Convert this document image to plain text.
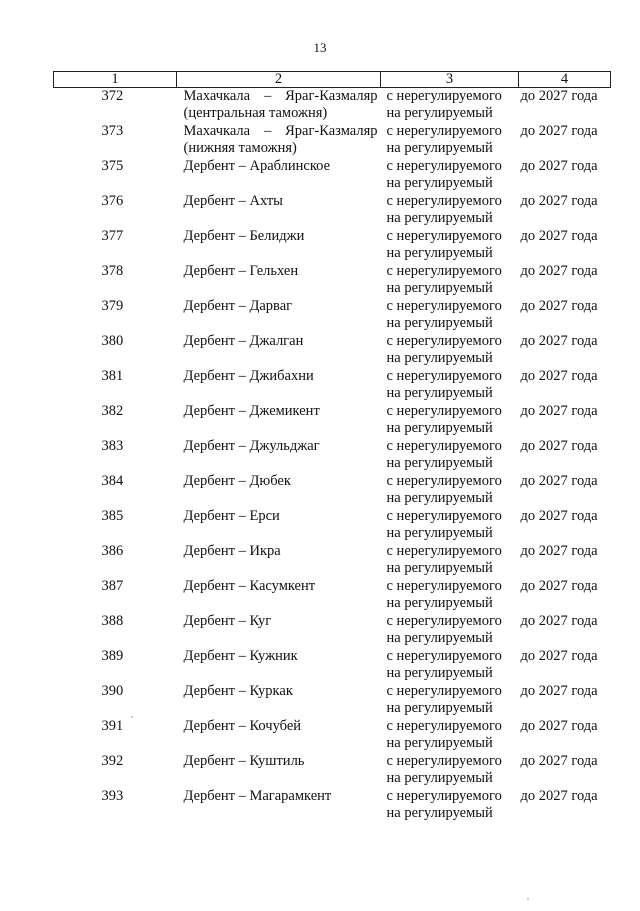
13
1	2	3	4
372	Махачкала – Яраг-Казмаляр
(центральная таможня)	с нерегулируемого
на регулируемый	до 2027 года
373	Махачкала – Яраг-Казмаляр
(нижняя таможня)	с нерегулируемого
на регулируемый	до 2027 года
375	Дербент – Араблинское	с нерегулируемого
на регулируемый	до 2027 года
376	Дербент – Ахты	с нерегулируемого
на регулируемый	до 2027 года
377	Дербент – Белиджи	с нерегулируемого
на регулируемый	до 2027 года
378	Дербент – Гельхен	с нерегулируемого
на регулируемый	до 2027 года
379	Дербент – Дарваг	с нерегулируемого
на регулируемый	до 2027 года
380	Дербент – Джалган	с нерегулируемого
на регулируемый	до 2027 года
381	Дербент – Джибахни	с нерегулируемого
на регулируемый	до 2027 года
382	Дербент – Джемикент	с нерегулируемого
на регулируемый	до 2027 года
383	Дербент – Джульджаг	с нерегулируемого
на регулируемый	до 2027 года
384	Дербент – Дюбек	с нерегулируемого
на регулируемый	до 2027 года
385	Дербент – Ерси	с нерегулируемого
на регулируемый	до 2027 года
386	Дербент – Икра	с нерегулируемого
на регулируемый	до 2027 года
387	Дербент – Касумкент	с нерегулируемого
на регулируемый	до 2027 года
388	Дербент – Куг	с нерегулируемого
на регулируемый	до 2027 года
389	Дербент – Кужник	с нерегулируемого
на регулируемый	до 2027 года
390	Дербент – Куркак	с нерегулируемого
на регулируемый	до 2027 года
391	Дербент – Кочубей	с нерегулируемого
на регулируемый	до 2027 года
392	Дербент – Куштиль	с нерегулируемого
на регулируемый	до 2027 года
393	Дербент – Магарамкент	с нерегулируемого
на регулируемый	до 2027 года
